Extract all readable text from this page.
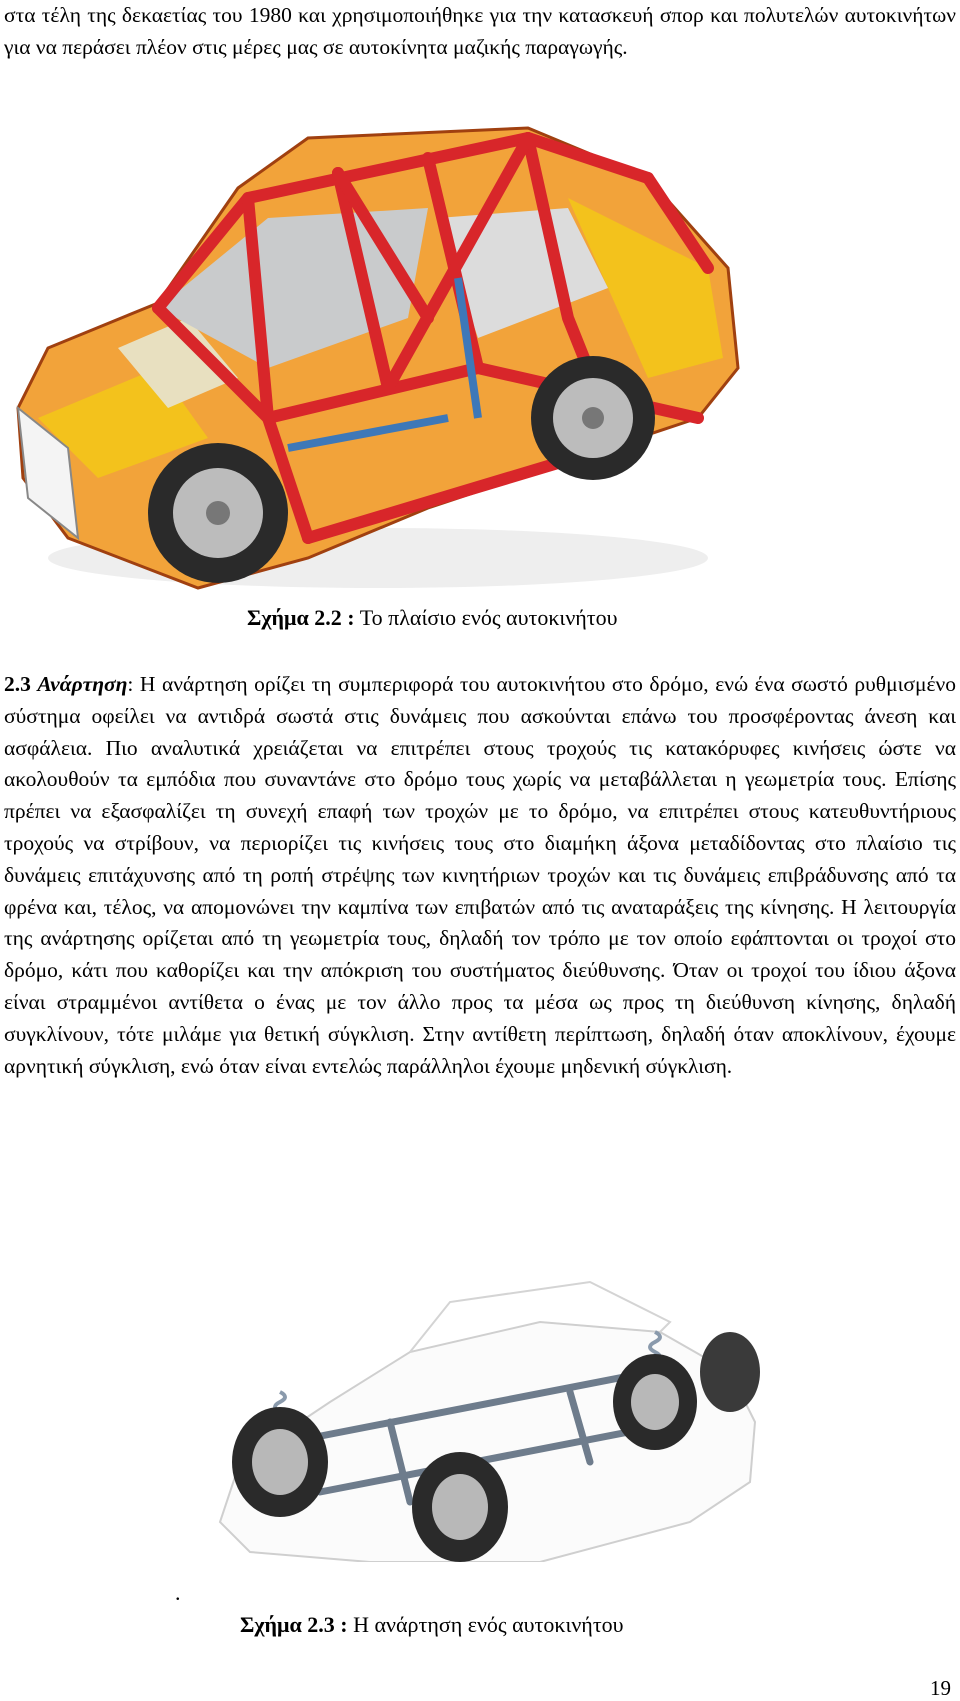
στα τέλη της δεκαετίας του 1980 και χρησιμοποιήθηκε για την κατασκευή σπορ και πολυτελών αυτοκινήτων για να περάσει πλέον στις μέρες μας σε αυτοκίνητα μαζικής παραγωγής.

Σχήμα 2.2 : Το πλαίσιο ενός αυτοκινήτου

2.3 Ανάρτηση: Η ανάρτηση ορίζει τη συμπεριφορά του αυτοκινήτου στο δρόμο, ενώ ένα σωστό ρυθμισμένο σύστημα οφείλει να αντιδρά σωστά στις δυνάμεις που ασκούνται επάνω του προσφέροντας άνεση και ασφάλεια. Πιο αναλυτικά χρειάζεται να επιτρέπει στους τροχούς τις κατακόρυφες κινήσεις ώστε να ακολουθούν τα εμπόδια που συναντάνε στο δρόμο τους χωρίς να μεταβάλλεται η γεωμετρία τους. Επίσης πρέπει να εξασφαλίζει τη συνεχή επαφή των τροχών με το δρόμο, να επιτρέπει στους κατευθυντήριους τροχούς να στρίβουν, να περιορίζει τις κινήσεις τους στο διαμήκη άξονα μεταδίδοντας στο πλαίσιο τις δυνάμεις επιτάχυνσης από τη ροπή στρέψης των κινητήριων τροχών και τις δυνάμεις επιβράδυνσης από τα φρένα και, τέλος, να απομονώνει την καμπίνα των επιβατών από τις αναταράξεις της κίνησης. Η λειτουργία της ανάρτησης ορίζεται από τη γεωμετρία τους, δηλαδή τον τρόπο με τον οποίο εφάπτονται οι τροχοί στο δρόμο, κάτι που καθορίζει και την απόκριση του συστήματος διεύθυνσης. Όταν οι τροχοί του ίδιου άξονα είναι στραμμένοι αντίθετα ο ένας με τον άλλο προς τα μέσα ως προς τη διεύθυνση κίνησης, δηλαδή συγκλίνουν, τότε μιλάμε για θετική σύγκλιση. Στην αντίθετη περίπτωση, δηλαδή όταν αποκλίνουν, έχουμε αρνητική σύγκλιση, ενώ όταν είναι εντελώς παράλληλοι έχουμε μηδενική σύγκλιση.

.
Σχήμα 2.3 : Η ανάρτηση ενός αυτοκινήτου
19
